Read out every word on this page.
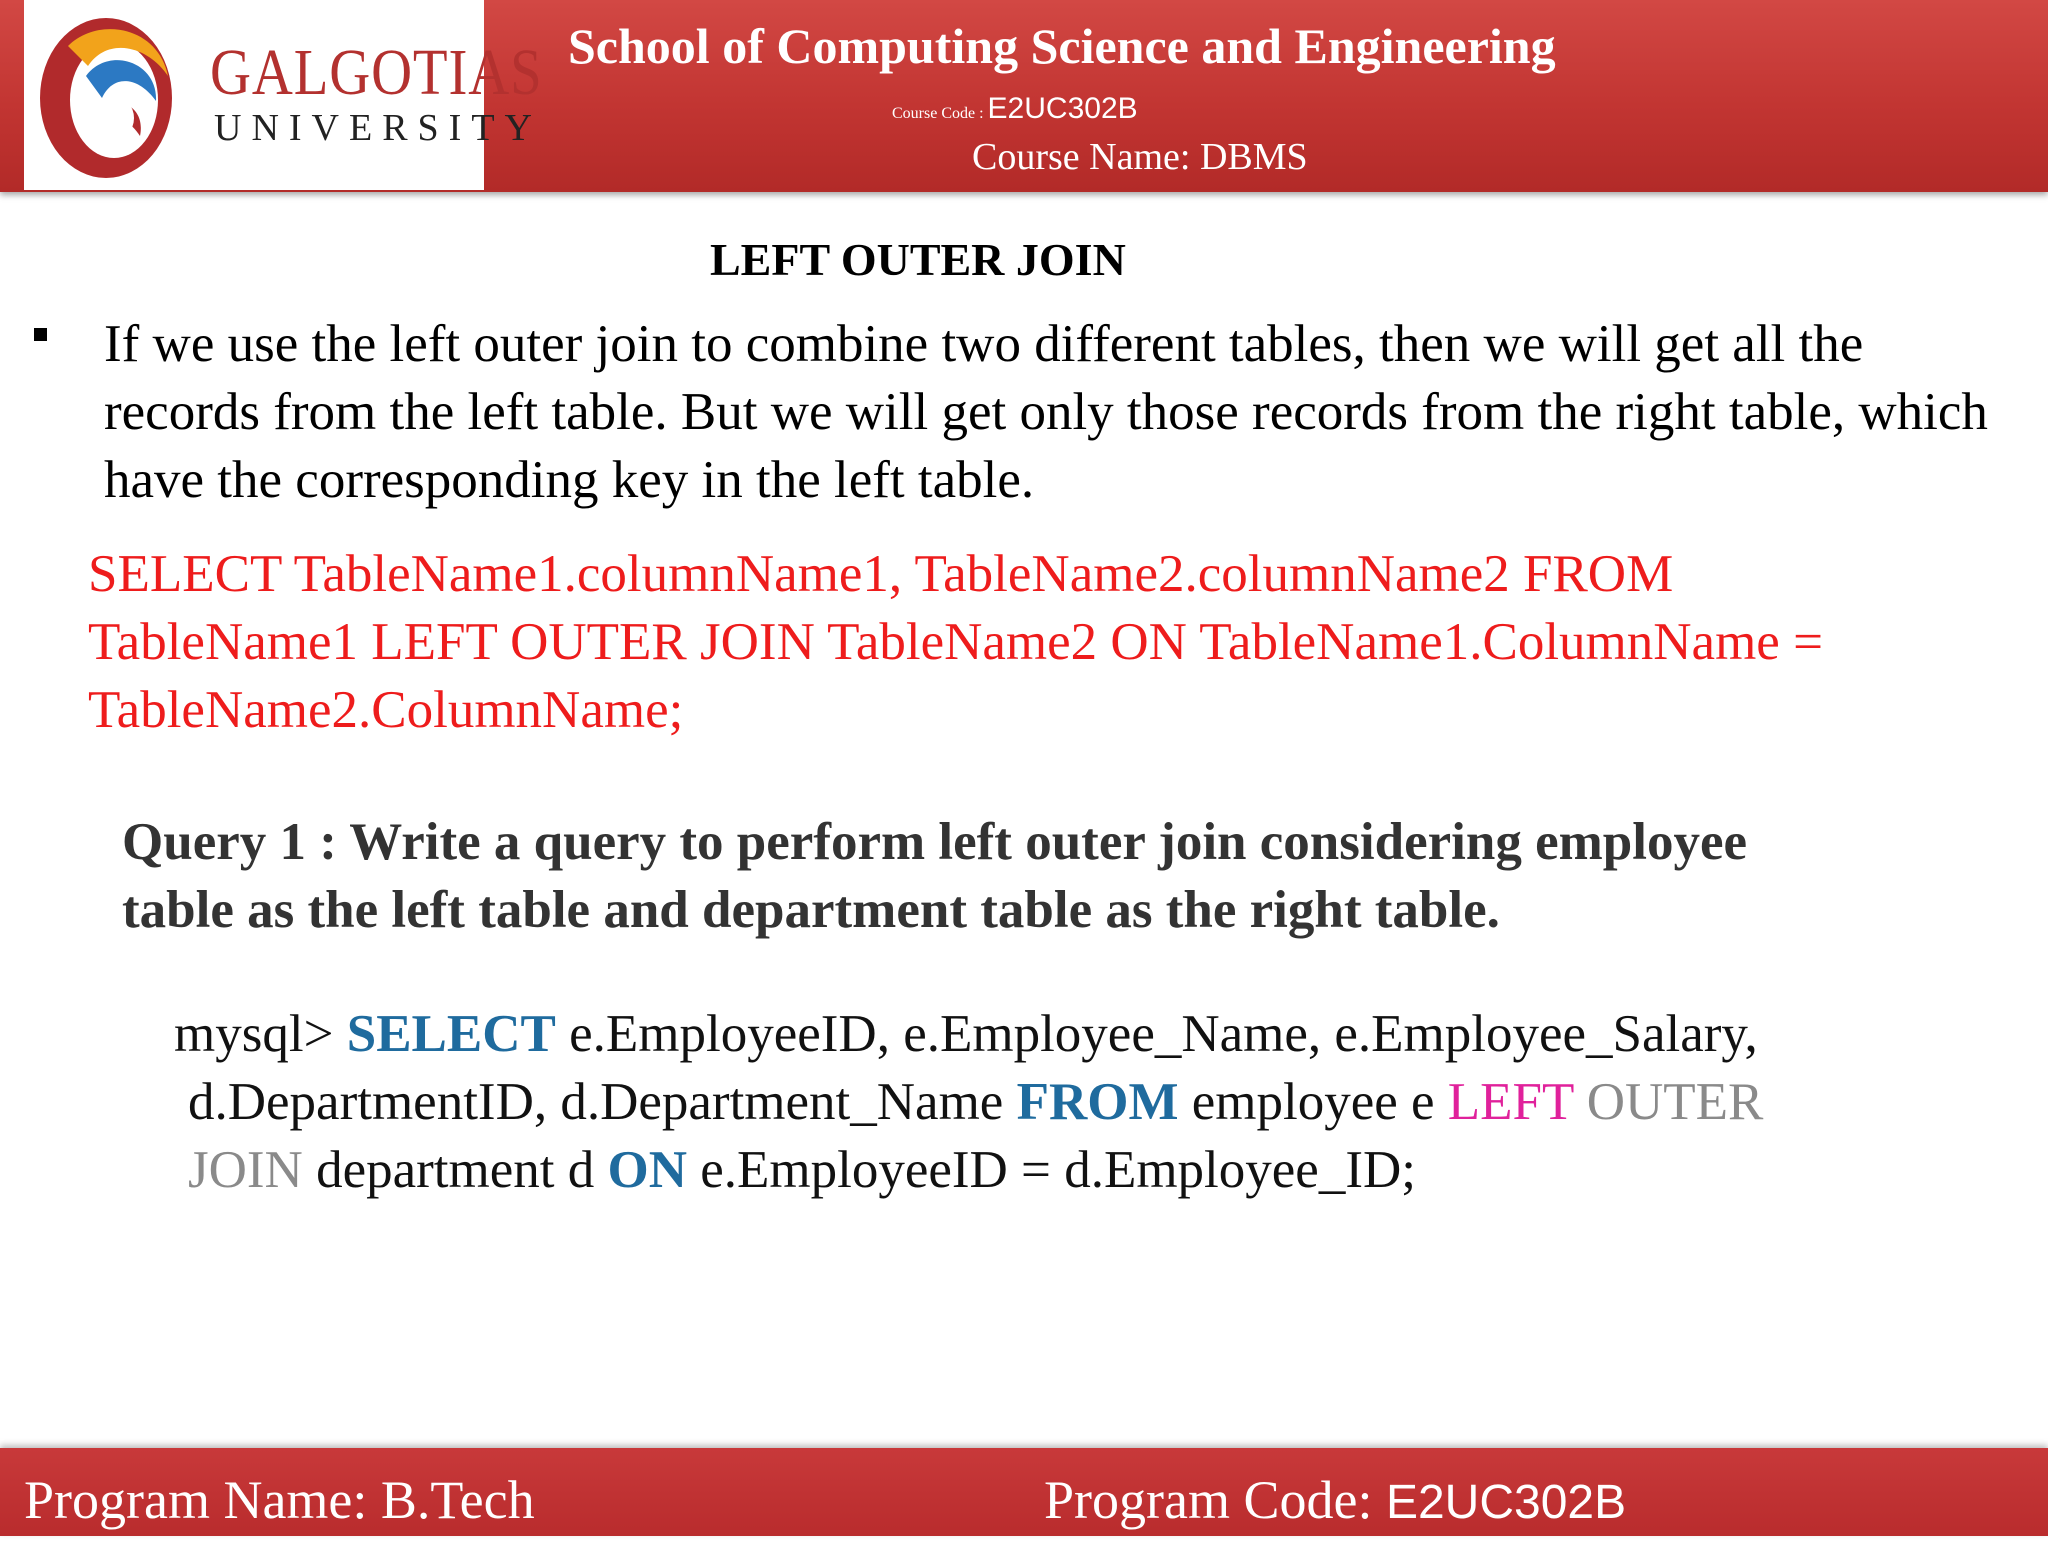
GALGOTIAS
UNIVERSITY
School of Computing Science and Engineering
Course Code : E2UC302B
Course Name: DBMS
LEFT OUTER JOIN
If we use the left outer join to combine two different tables, then we will get all the records from the left table. But we will get only those records from the right table, which have the corresponding key in the left table.
SELECT TableName1.columnName1, TableName2.columnName2 FROM
TableName1 LEFT OUTER JOIN TableName2 ON TableName1.ColumnName =
TableName2.ColumnName;
Query 1 : Write a query to perform left outer join considering employee
table as the left table and department table as the right table.
mysql> SELECT e.EmployeeID, e.Employee_Name, e.Employee_Salary,
d.DepartmentID, d.Department_Name FROM employee e LEFT OUTER
JOIN department d ON e.EmployeeID = d.Employee_ID;
Program Name: B.Tech	Program Code: E2UC302B
